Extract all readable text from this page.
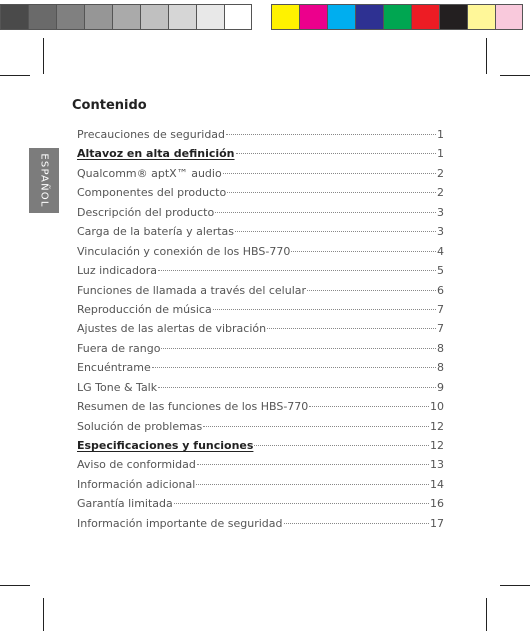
ESPAÑOL
Contenido
Precauciones de seguridad	1
Altavoz en alta definición	1
Qualcomm® aptX™ audio	2
Componentes del producto	2
Descripción del producto	3
Carga de la batería y alertas	3
Vinculación y conexión de los HBS-770	4
Luz indicadora	5
Funciones de llamada a través del celular	6
Reproducción de música	7
Ajustes de las alertas de vibración	7
Fuera de rango	8
Encuéntrame	8
LG Tone & Talk	9
Resumen de las funciones de los HBS-770	10
Solución de problemas	12
Especificaciones y funciones	12
Aviso de conformidad	13
Información adicional	14
Garantía limitada	16
Información importante de seguridad	17
